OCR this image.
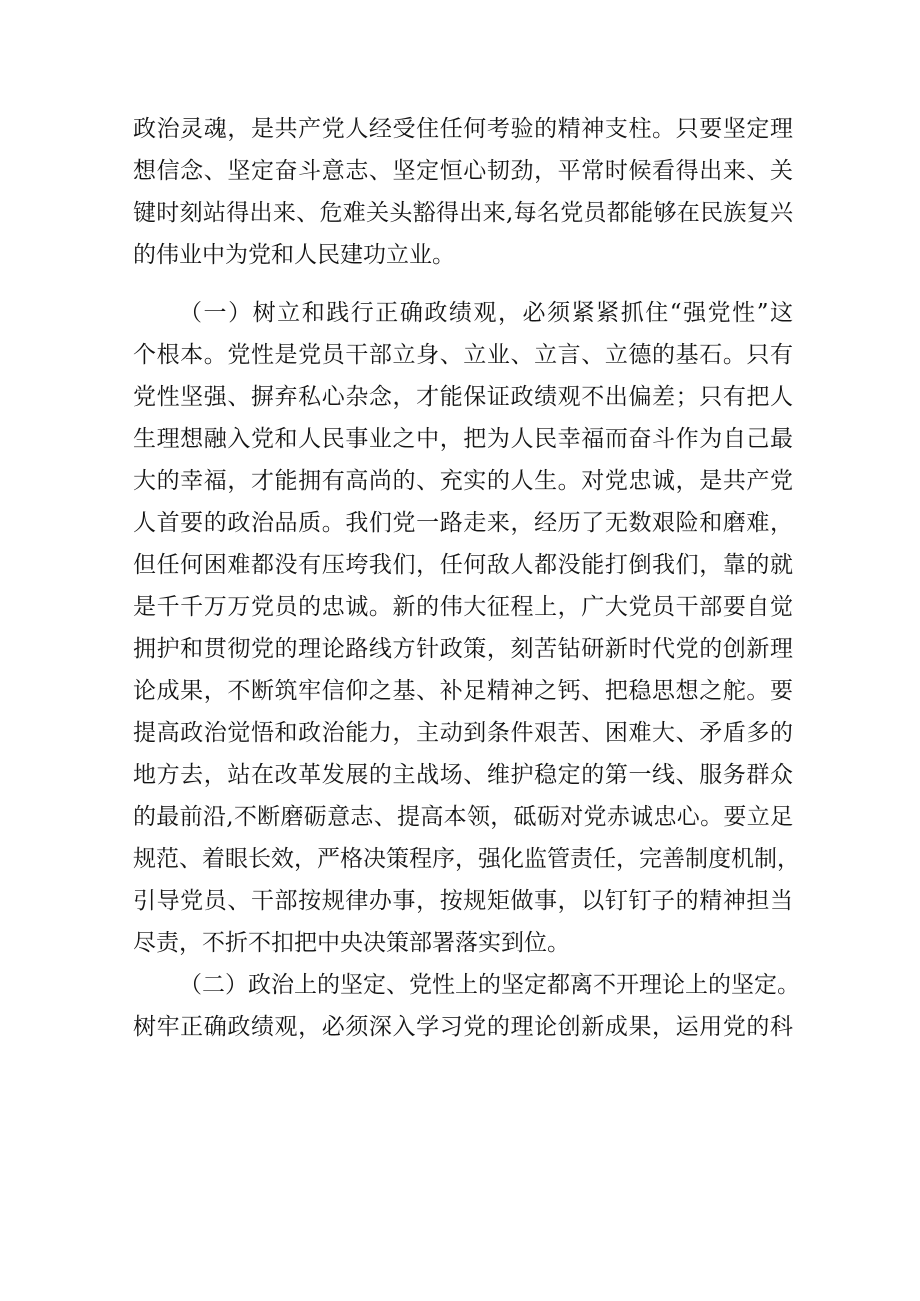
政治灵魂，是共产党人经受住任何考验的精神支柱。只要坚定理
想信念、坚定奋斗意志、坚定恒心韧劲，平常时候看得出来、关
键时刻站得出来、危难关头豁得出来,每名党员都能够在民族复兴
的伟业中为党和人民建功立业。
（一）树立和践行正确政绩观，必须紧紧抓住“强党性”这
个根本。党性是党员干部立身、立业、立言、立德的基石。只有
党性坚强、摒弃私心杂念，才能保证政绩观不出偏差；只有把人
生理想融入党和人民事业之中，把为人民幸福而奋斗作为自己最
大的幸福，才能拥有高尚的、充实的人生。对党忠诚，是共产党
人首要的政治品质。我们党一路走来，经历了无数艰险和磨难，
但任何困难都没有压垮我们，任何敌人都没能打倒我们，靠的就
是千千万万党员的忠诚。新的伟大征程上，广大党员干部要自觉
拥护和贯彻党的理论路线方针政策，刻苦钻研新时代党的创新理
论成果，不断筑牢信仰之基、补足精神之钙、把稳思想之舵。要
提高政治觉悟和政治能力，主动到条件艰苦、困难大、矛盾多的
地方去，站在改革发展的主战场、维护稳定的第一线、服务群众
的最前沿,不断磨砺意志、提高本领，砥砺对党赤诚忠心。要立足
规范、着眼长效，严格决策程序，强化监管责任，完善制度机制，
引导党员、干部按规律办事，按规矩做事，以钉钉子的精神担当
尽责，不折不扣把中央决策部署落实到位。
（二）政治上的坚定、党性上的坚定都离不开理论上的坚定。
树牢正确政绩观，必须深入学习党的理论创新成果，运用党的科
